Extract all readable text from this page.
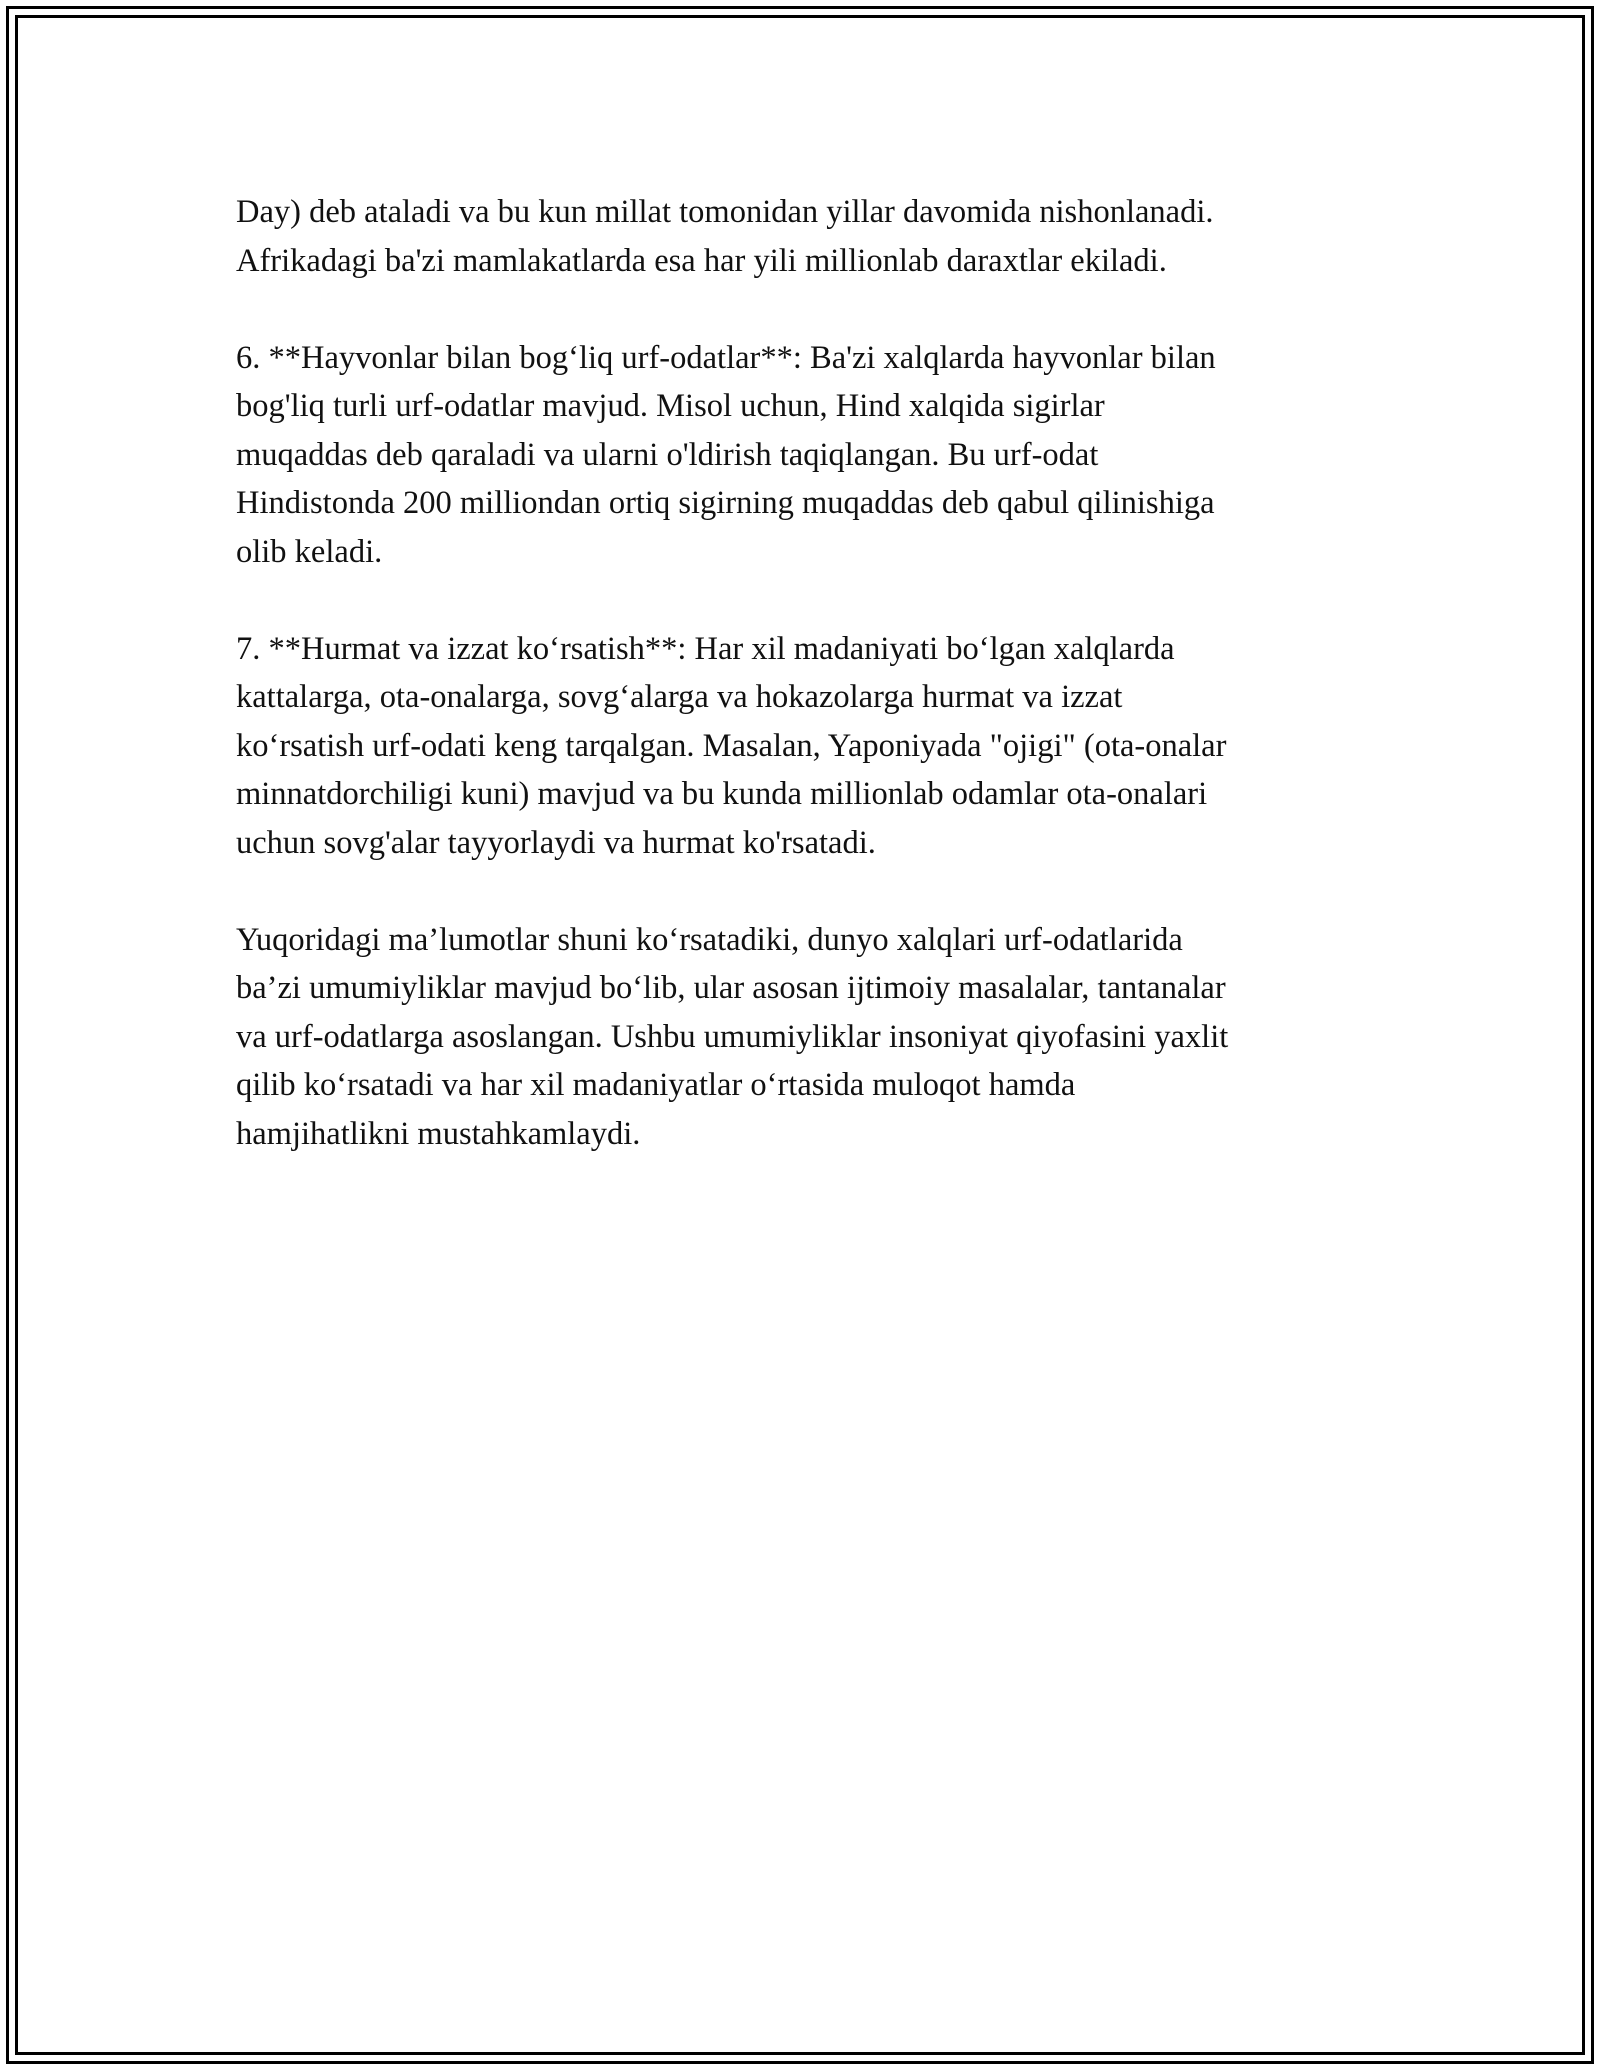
Day) deb ataladi va bu kun millat tomonidan yillar davomida nishonlanadi.
Afrikadagi ba'zi mamlakatlarda esa har yili millionlab daraxtlar ekiladi.

6. **Hayvonlar bilan bog‘liq urf-odatlar**: Ba'zi xalqlarda hayvonlar bilan
bog'liq turli urf-odatlar mavjud. Misol uchun, Hind xalqida sigirlar
muqaddas deb qaraladi va ularni o'ldirish taqiqlangan. Bu urf-odat
Hindistonda 200 milliondan ortiq sigirning muqaddas deb qabul qilinishiga
olib keladi.

7. **Hurmat va izzat ko‘rsatish**: Har xil madaniyati bo‘lgan xalqlarda
kattalarga, ota-onalarga, sovg‘alarga va hokazolarga hurmat va izzat
ko‘rsatish urf-odati keng tarqalgan. Masalan, Yaponiyada "ojigi" (ota-onalar
minnatdorchiligi kuni) mavjud va bu kunda millionlab odamlar ota-onalari
uchun sovg'alar tayyorlaydi va hurmat ko'rsatadi.

Yuqoridagi ma’lumotlar shuni ko‘rsatadiki, dunyo xalqlari urf-odatlarida
ba’zi umumiyliklar mavjud bo‘lib, ular asosan ijtimoiy masalalar, tantanalar
va urf-odatlarga asoslangan. Ushbu umumiyliklar insoniyat qiyofasini yaxlit
qilib ko‘rsatadi va har xil madaniyatlar o‘rtasida muloqot hamda
hamjihatlikni mustahkamlaydi.
